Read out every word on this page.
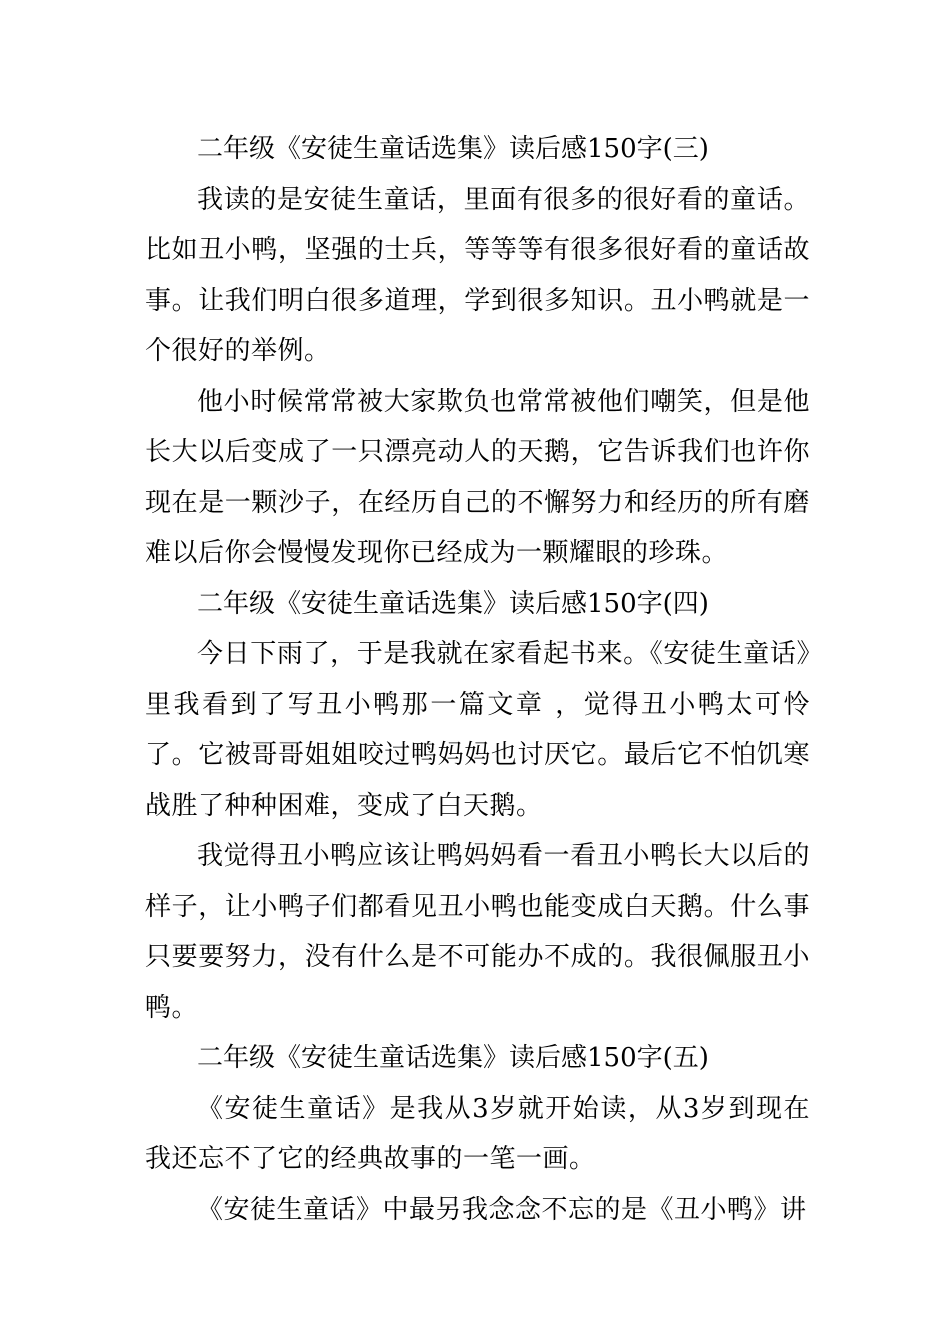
二年级《安徒生童话选集》读后感150字(三)

我读的是安徒生童话，里面有很多的很好看的童话。比如丑小鸭，坚强的士兵，等等等有很多很好看的童话故事。让我们明白很多道理，学到很多知识。丑小鸭就是一个很好的举例。

他小时候常常被大家欺负也常常被他们嘲笑，但是他长大以后变成了一只漂亮动人的天鹅，它告诉我们也许你现在是一颗沙子，在经历自己的不懈努力和经历的所有磨难以后你会慢慢发现你已经成为一颗耀眼的珍珠。

二年级《安徒生童话选集》读后感150字(四)

今日下雨了，于是我就在家看起书来。《安徒生童话》里我看到了写丑小鸭那一篇文章 ，觉得丑小鸭太可怜了。它被哥哥姐姐咬过鸭妈妈也讨厌它。最后它不怕饥寒战胜了种种困难，变成了白天鹅。

我觉得丑小鸭应该让鸭妈妈看一看丑小鸭长大以后的样子，让小鸭子们都看见丑小鸭也能变成白天鹅。什么事只要要努力，没有什么是不可能办不成的。我很佩服丑小鸭。

二年级《安徒生童话选集》读后感150字(五)

《安徒生童话》是我从3岁就开始读，从3岁到现在我还忘不了它的经典故事的一笔一画。

《安徒生童话》中最另我念念不忘的是《丑小鸭》讲
